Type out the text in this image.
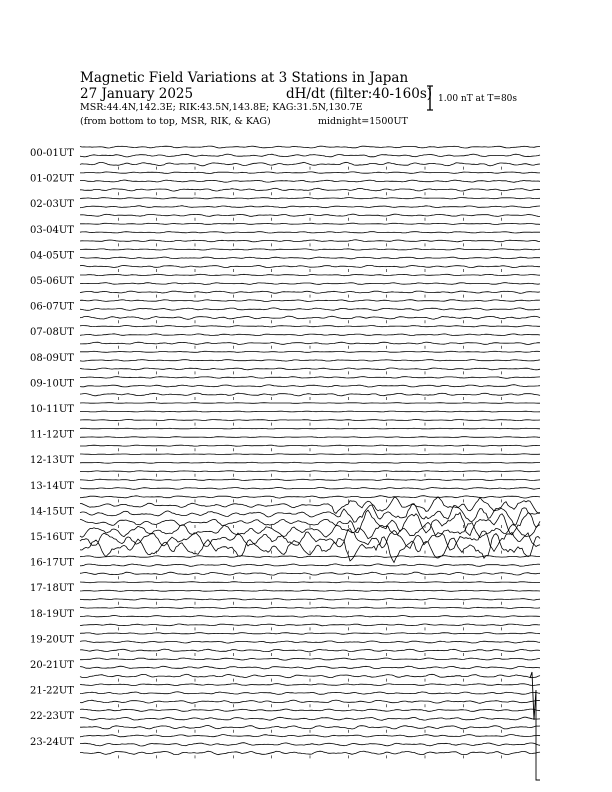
Magnetic Field Variations at 3 Stations in Japan
27 January 2025	dH/dt (filter:40-160s)
MSR:44.4N,142.3E; RIK:43.5N,143.8E; KAG:31.5N,130.7E
(from bottom to top, MSR, RIK, & KAG)	midnight=1500UT
1.00 nT at T=80s
00-01UT
01-02UT
02-03UT
03-04UT
04-05UT
05-06UT
06-07UT
07-08UT
08-09UT
09-10UT
10-11UT
11-12UT
12-13UT
13-14UT
14-15UT
15-16UT
16-17UT
17-18UT
18-19UT
19-20UT
20-21UT
21-22UT
22-23UT
23-24UT
